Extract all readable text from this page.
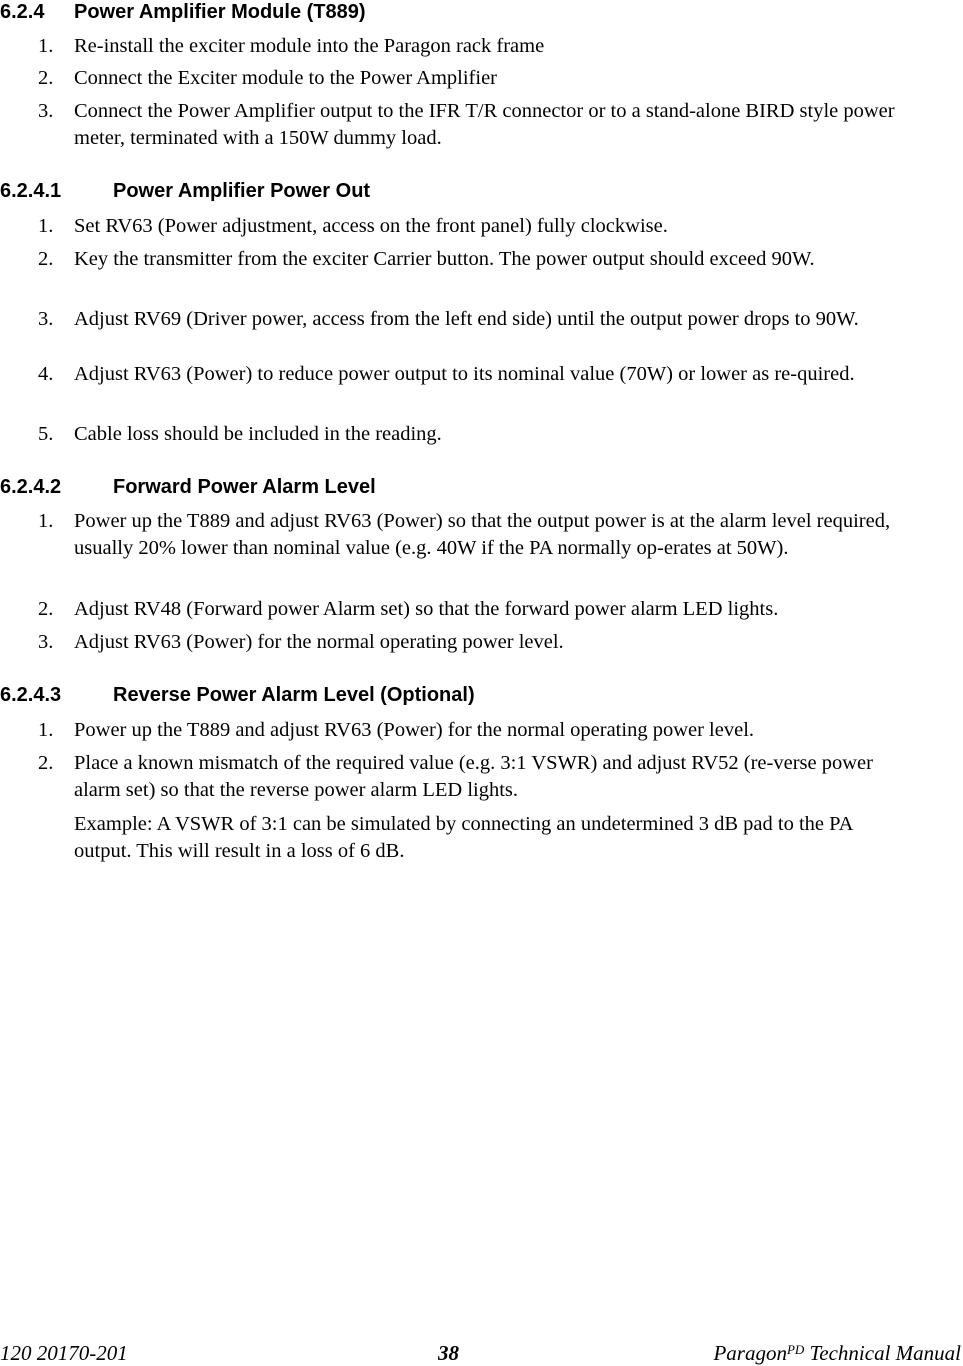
6.2.4 Power Amplifier Module (T889)
1. Re-install the exciter module into the Paragon rack frame
2. Connect the Exciter module to the Power Amplifier
3. Connect the Power Amplifier output to the IFR T/R connector or to a stand-alone BIRD style power meter, terminated with a 150W dummy load.
6.2.4.1	Power Amplifier Power Out
1. Set RV63 (Power adjustment, access on the front panel) fully clockwise.
2. Key the transmitter from the exciter Carrier button. The power output should exceed 90W.
3. Adjust RV69 (Driver power, access from the left end side) until the output power drops to 90W.
4. Adjust RV63 (Power) to reduce power output to its nominal value (70W) or lower as re-quired.
5. Cable loss should be included in the reading.
6.2.4.2	Forward Power Alarm Level
1. Power up the T889 and adjust RV63 (Power) so that the output power is at the alarm level required, usually 20% lower than nominal value (e.g. 40W if the PA normally op-erates at 50W).
2. Adjust RV48 (Forward power Alarm set) so that the forward power alarm LED lights.
3. Adjust RV63 (Power) for the normal operating power level.
6.2.4.3	Reverse Power Alarm Level (Optional)
1. Power up the T889 and adjust RV63 (Power) for the normal operating power level.
2. Place a known mismatch of the required value (e.g. 3:1 VSWR) and adjust RV52 (re-verse power alarm set) so that the reverse power alarm LED lights.
Example: A VSWR of 3:1 can be simulated by connecting an undetermined 3 dB pad to the PA output. This will result in a loss of 6 dB.
120 20170-201	38	Paragon$^{PD}$ Technical Manual
